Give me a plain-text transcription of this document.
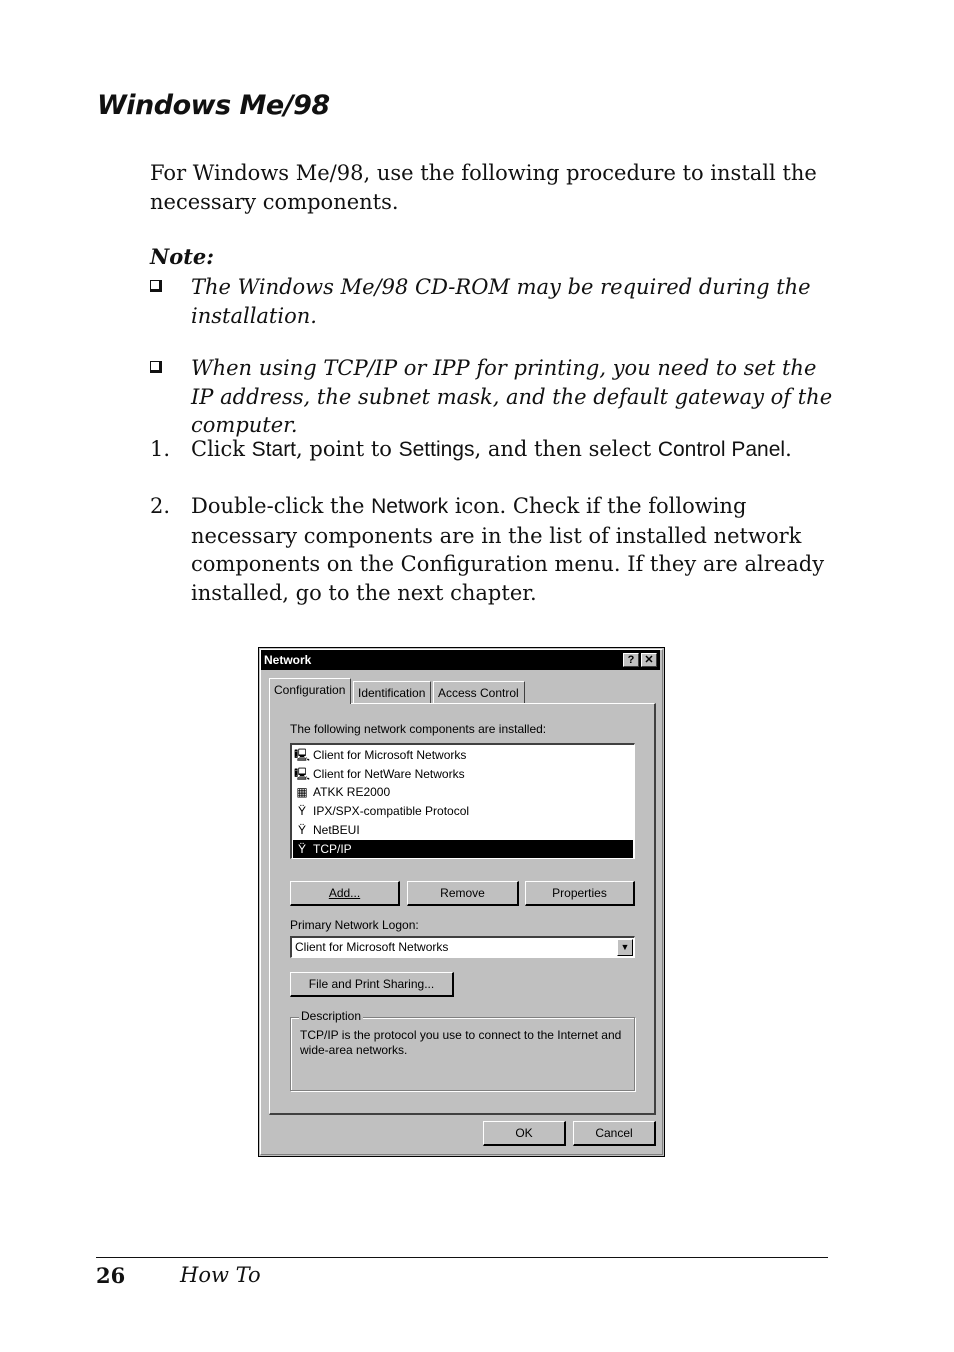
Windows Me/98

For Windows Me/98, use the following procedure to install the necessary components.

Note:
The Windows Me/98 CD-ROM may be required during the installation.
When using TCP/IP or IPP for printing, you need to set the IP address, the subnet mask, and the default gateway of the computer.
1. Click Start, point to Settings, and then select Control Panel.
2. Double-click the Network icon. Check if the following necessary components are in the list of installed network components on the Configuration menu. If they are already installed, go to the next chapter.
Network	? ✕
Configuration	Identification	Access Control
The following network components are installed:
🖳 Client for Microsoft Networks
🖳 Client for NetWare Networks
▦ ATKK RE2000
Ÿ IPX/SPX-compatible Protocol
Ÿ NetBEUI
Ÿ TCP/IP
Add...	Remove	Properties
Primary Network Logon:
Client for Microsoft Networks	▼
File and Print Sharing...
Description
TCP/IP is the protocol you use to connect to the Internet and wide-area networks.
OK	Cancel
26	How To
